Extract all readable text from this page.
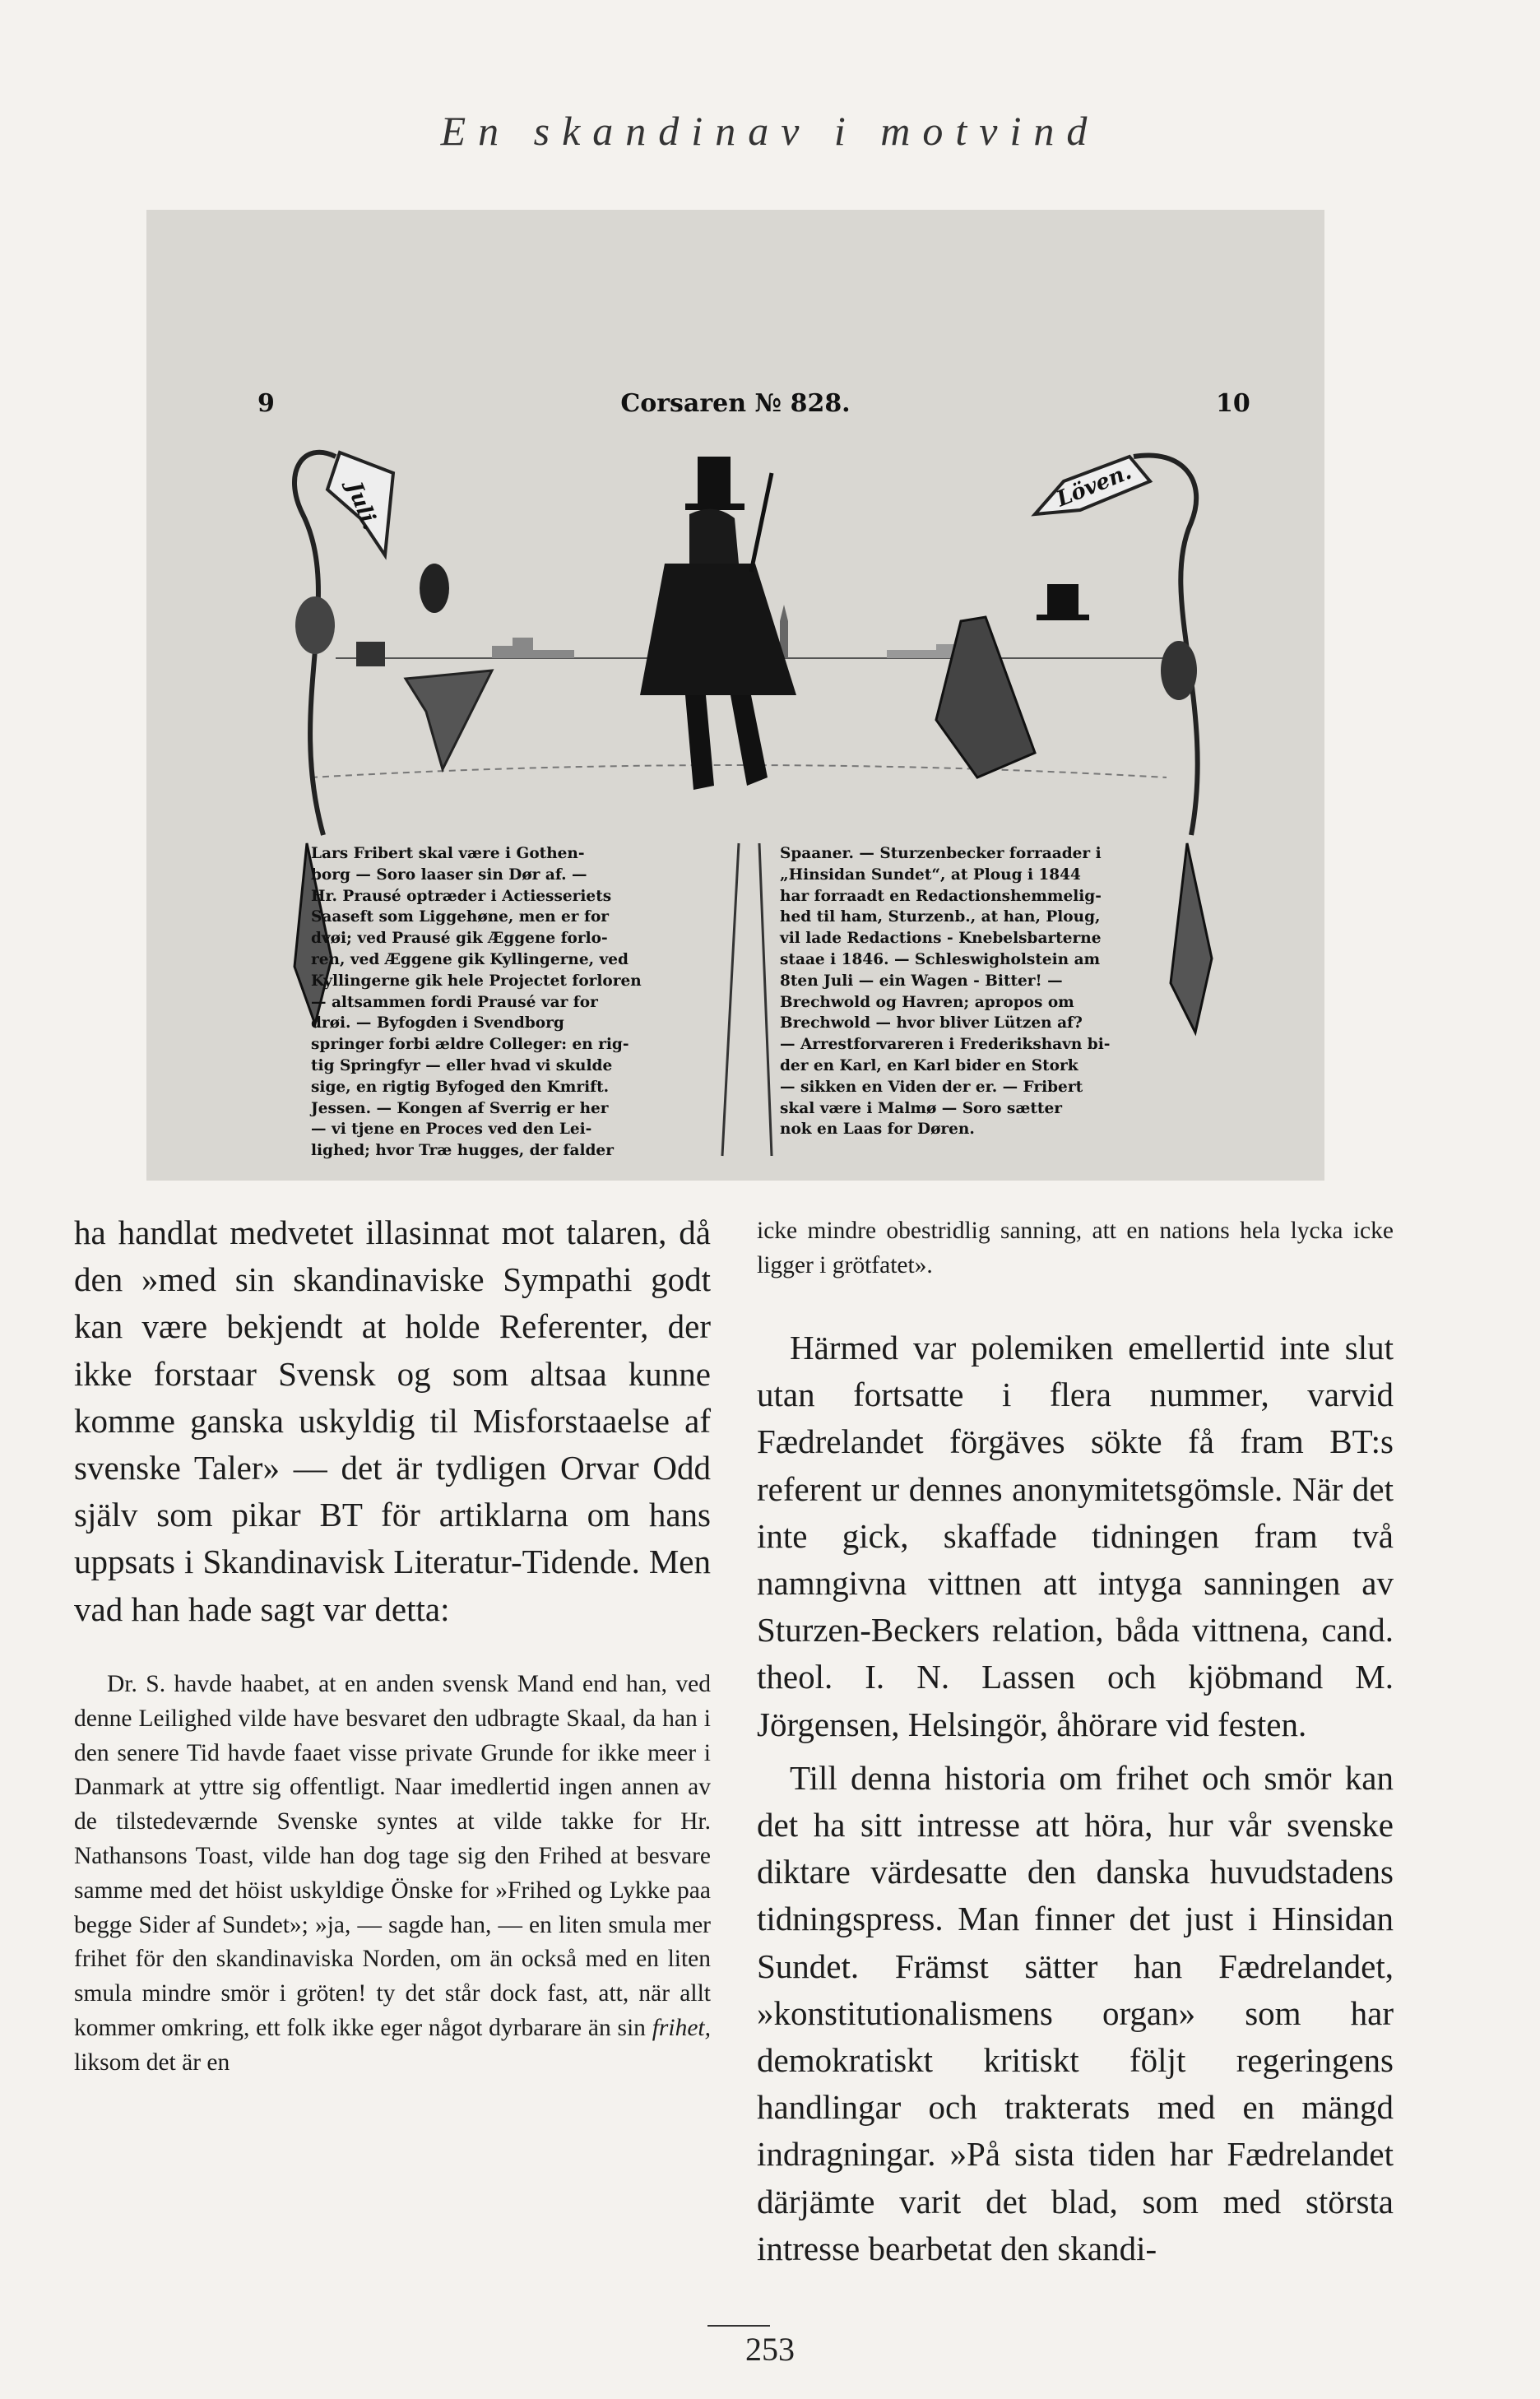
En skandinav i motvind
9	Corsaren № 828.	10
Juli.	Löven.

Lars Fribert skal være i Gothen-

borg — Soro laaser sin Dør af. —

Hr. Prausé optræder i Actiesseriets

Saaseft som Liggehøne, men er for

dvøi; ved Prausé gik Æggene forlo-

ren, ved Æggene gik Kyllingerne, ved

Kyllingerne gik hele Projectet forloren

— altsammen fordi Prausé var for

drøi. — Byfogden i Svendborg

springer forbi ældre Colleger: en rig-

tig Springfyr — eller hvad vi skulde

sige, en rigtig Byfoged den Kmrift.

Jessen. — Kongen af Sverrig er her

— vi tjene en Proces ved den Lei-

lighed; hvor Træ hugges, der falder

Spaaner. — Sturzenbecker forraader i

„Hinsidan Sundet“, at Ploug i 1844

har forraadt en Redactionshemmelig-

hed til ham, Sturzenb., at han, Ploug,

vil lade Redactions - Knebelsbarterne

staae i 1846. — Schleswigholstein am

8ten Juli — ein Wagen - Bitter! —

Brechwold og Havren; apropos om

Brechwold — hvor bliver Lützen af?

— Arrestforvareren i Frederikshavn bi-

der en Karl, en Karl bider en Stork

— sikken en Viden der er. — Fribert

skal være i Malmø — Soro sætter

nok en Laas for Døren.

ha handlat medvetet illasinnat mot talaren, då den »med sin skandinaviske Sympathi godt kan være bekjendt at holde Referenter, der ikke forstaar Svensk og som altsaa kunne komme ganska uskyldig til Misforstaaelse af svenske Taler» — det är tydligen Orvar Odd själv som pikar BT för artiklarna om hans uppsats i Skandinavisk Literatur-Tidende. Men vad han hade sagt var detta:

Dr. S. havde haabet, at en anden svensk Mand end han, ved denne Leilighed vilde have besvaret den udbragte Skaal, da han i den senere Tid havde faaet visse private Grunde for ikke meer i Danmark at yttre sig offentligt. Naar imedlertid ingen annen av de tilstedeværnde Svenske syntes at vilde takke for Hr. Nathansons Toast, vilde han dog tage sig den Frihed at besvare samme med det höist uskyldige Önske for »Frihed og Lykke paa begge Sider af Sundet»; »ja, — sagde han, — en liten smula mer frihet för den skandinaviska Norden, om än också med en liten smula mindre smör i gröten! ty det står dock fast, att, när allt kommer omkring, ett folk ikke eger något dyrbarare än sin frihet, liksom det är en

icke mindre obestridlig sanning, att en nations hela lycka icke ligger i grötfatet».

Härmed var polemiken emellertid inte slut utan fortsatte i flera nummer, varvid Fædrelandet förgäves sökte få fram BT:s referent ur dennes anonymitetsgömsle. När det inte gick, skaffade tidningen fram två namngivna vittnen att intyga sanningen av Sturzen-Beckers relation, båda vittnena, cand. theol. I. N. Lassen och kjöbmand M. Jörgensen, Helsingör, åhörare vid festen.

Till denna historia om frihet och smör kan det ha sitt intresse att höra, hur vår svenske diktare värdesatte den danska huvudstadens tidningspress. Man finner det just i Hinsidan Sundet. Främst sätter han Fædrelandet, »konstitutionalismens organ» som har demokratiskt kritiskt följt regeringens handlingar och trakterats med en mängd indragningar. »På sista tiden har Fædrelandet därjämte varit det blad, som med största intresse bearbetat den skandi-

253
